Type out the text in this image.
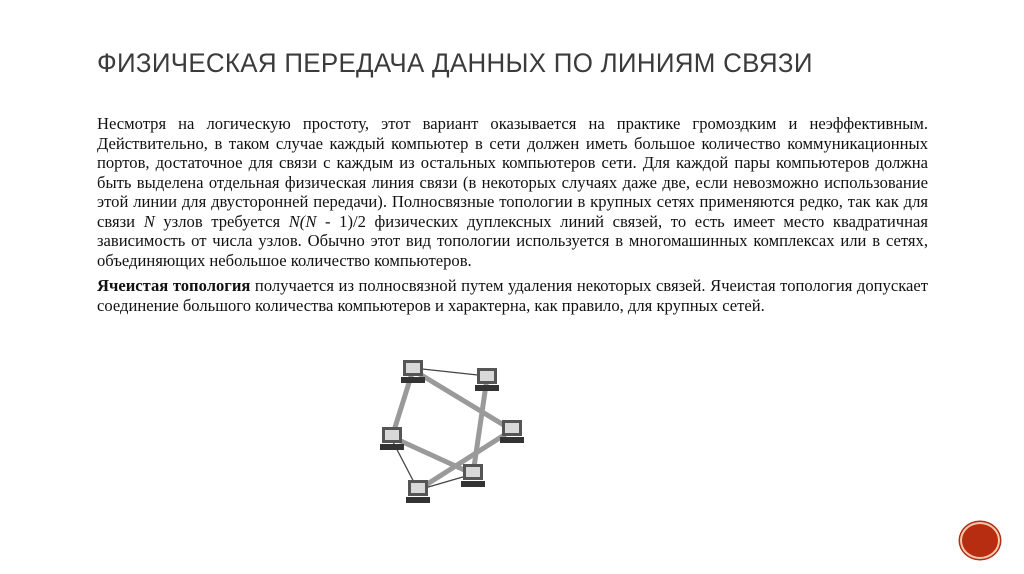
ФИЗИЧЕСКАЯ ПЕРЕДАЧА ДАННЫХ ПО ЛИНИЯМ СВЯЗИ

Несмотря на логическую простоту, этот вариант оказывается на практике громоздким и неэффективным. Действительно, в таком случае каждый компьютер в сети должен иметь большое количество коммуникационных портов, достаточное для связи с каждым из остальных компьютеров сети. Для каждой пары компьютеров должна быть выделена отдельная физическая линия связи (в некоторых случаях даже две, если невозможно использование этой линии для двусторонней передачи). Полносвязные топологии в крупных сетях применяются редко, так как для связи N узлов требуется N(N - 1)/2 физических дуплексных линий связей, то есть имеет место квадратичная зависимость от числа узлов. Обычно этот вид топологии используется в многомашинных комплексах или в сетях, объединяющих небольшое количество компьютеров.

Ячеистая топология получается из полносвязной путем удаления некоторых связей. Ячеистая топология допускает соединение большого количества компьютеров и характерна, как правило, для крупных сетей.
